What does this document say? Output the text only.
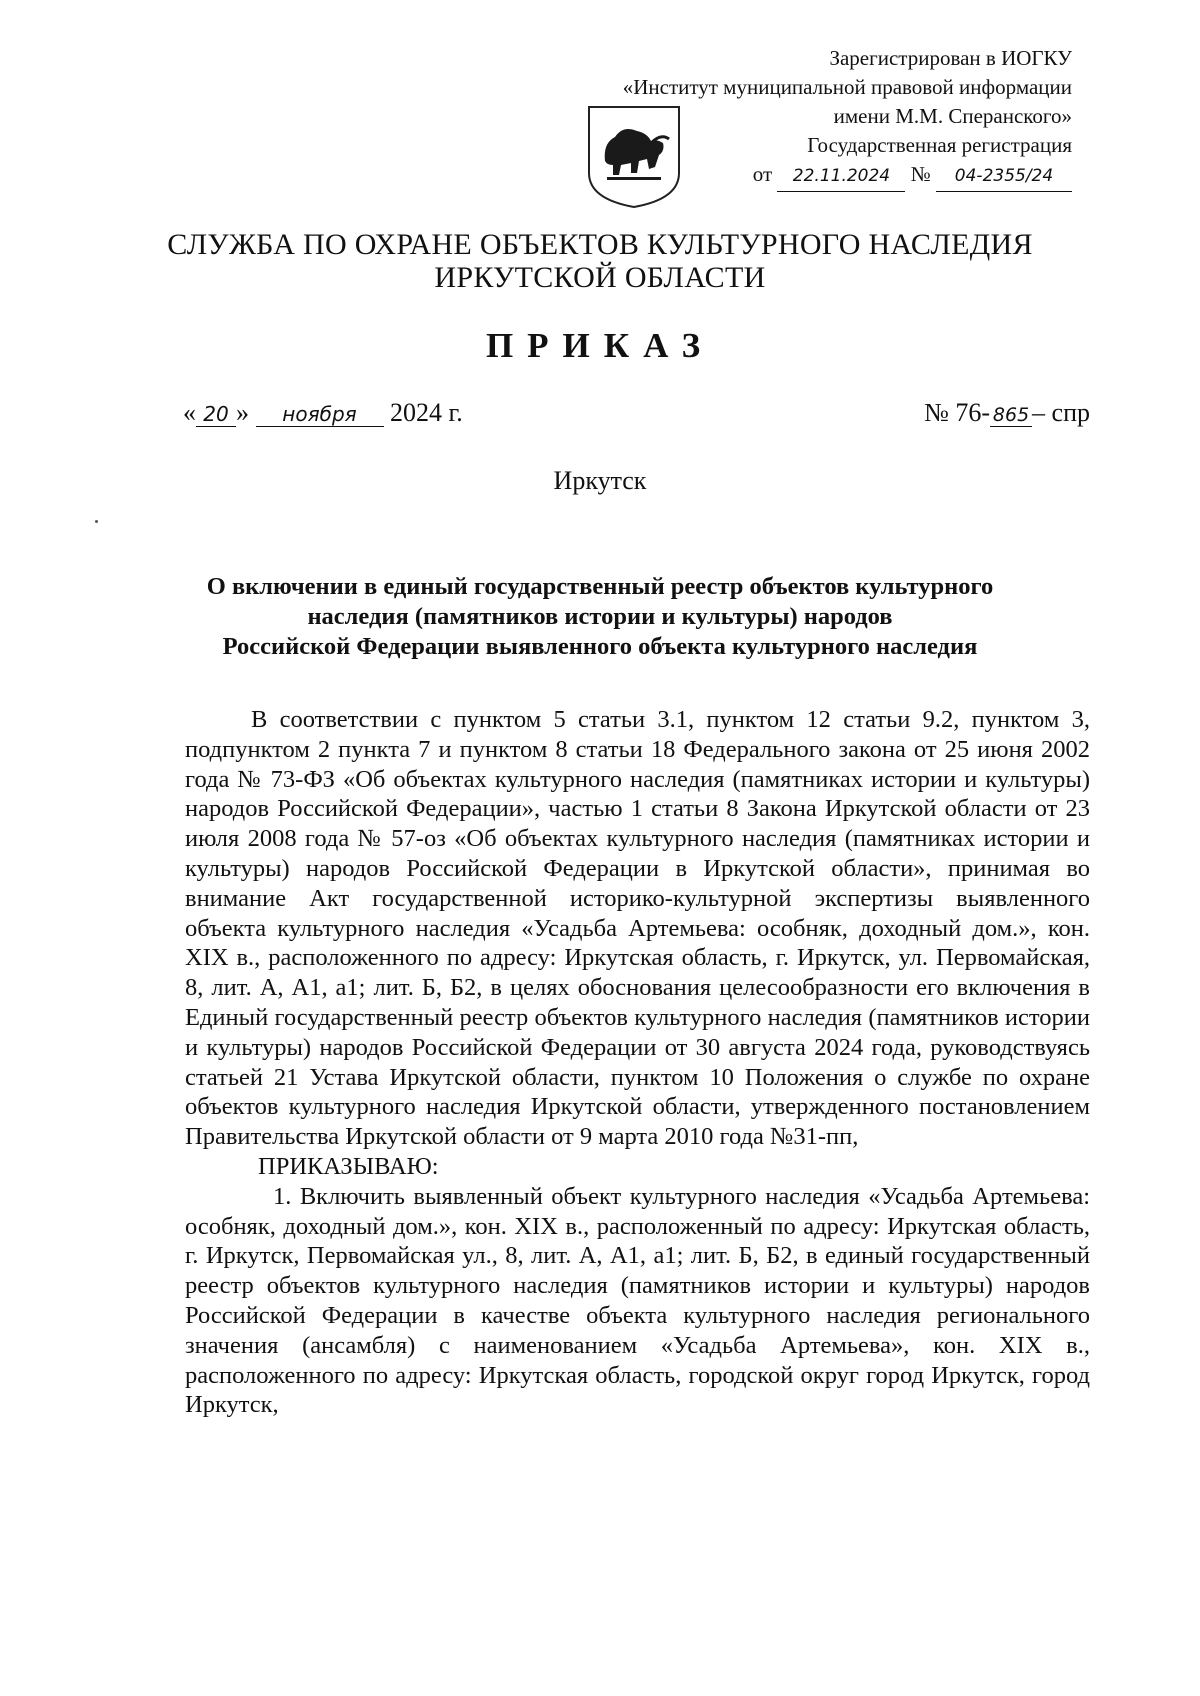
Зарегистрирован в ИОГКУ
«Институт муниципальной правовой информации
имени М.М. Сперанского»
Государственная регистрация
от 22.11.2024 № 04-2355/24
СЛУЖБА ПО ОХРАНЕ ОБЪЕКТОВ КУЛЬТУРНОГО НАСЛЕДИЯ
ИРКУТСКОЙ ОБЛАСТИ
ПРИКАЗ
« 20 » ноября 2024 г.	№ 76- 865 – спр
Иркутск
О включении в единый государственный реестр объектов культурного
наследия (памятников истории и культуры) народов
Российской Федерации выявленного объекта культурного наследия

В соответствии с пунктом 5 статьи 3.1, пунктом 12 статьи 9.2, пунктом 3, подпунктом 2 пункта 7 и пунктом 8 статьи 18 Федерального закона от 25 июня 2002 года № 73-ФЗ «Об объектах культурного наследия (памятниках истории и культуры) народов Российской Федерации», частью 1 статьи 8 Закона Иркутской области от 23 июля 2008 года № 57-оз «Об объектах культурного наследия (памятниках истории и культуры) народов Российской Федерации в Иркутской области», принимая во внимание Акт государственной историко-культурной экспертизы выявленного объекта культурного наследия «Усадьба Артемьева: особняк, доходный дом.», кон. XIX в., расположенного по адресу: Иркутская область, г. Иркутск, ул. Первомайская, 8, лит. А, А1, а1; лит. Б, Б2, в целях обоснования целесообразности его включения в Единый государственный реестр объектов культурного наследия (памятников истории и культуры) народов Российской Федерации от 30 августа 2024 года, руководствуясь статьей 21 Устава Иркутской области, пунктом 10 Положения о службе по охране объектов культурного наследия Иркутской области, утвержденного постановлением Правительства Иркутской области от 9 марта 2010 года №31-пп,

ПРИКАЗЫВАЮ:

1. Включить выявленный объект культурного наследия «Усадьба Артемьева: особняк, доходный дом.», кон. XIX в., расположенный по адресу: Иркутская область, г. Иркутск, Первомайская ул., 8, лит. А, А1, а1; лит. Б, Б2, в единый государственный реестр объектов культурного наследия (памятников истории и культуры) народов Российской Федерации в качестве объекта культурного наследия регионального значения (ансамбля) с наименованием «Усадьба Артемьева», кон. XIX в., расположенного по адресу: Иркутская область, городской округ город Иркутск, город Иркутск,
